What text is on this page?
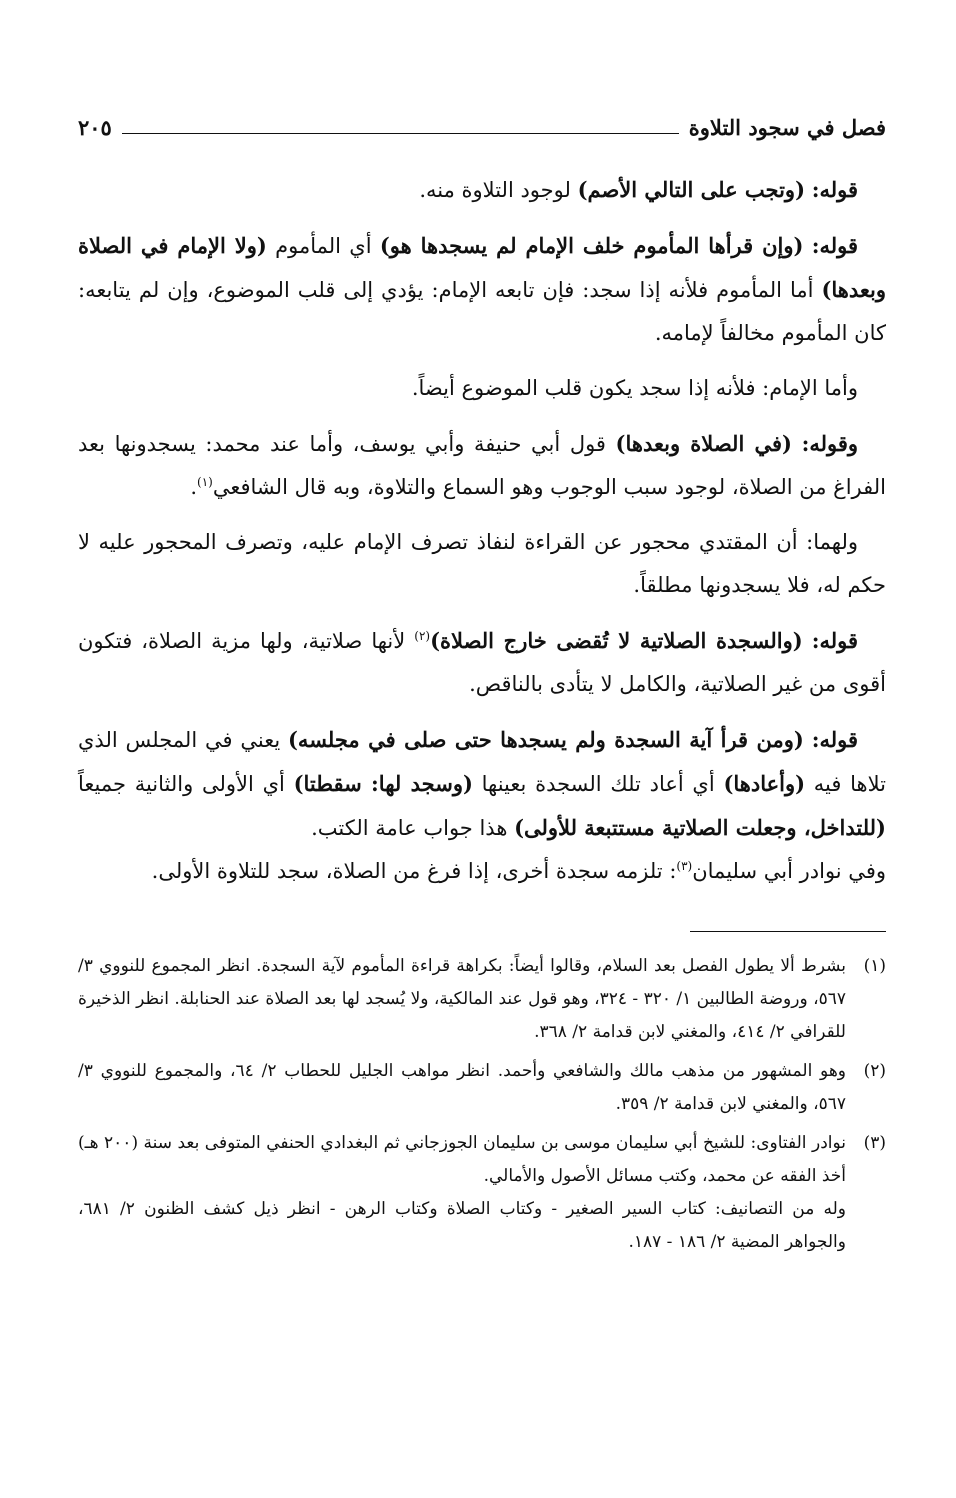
فصل في سجود التلاوة
٢٠٥

قوله: (وتجب على التالي الأصم) لوجود التلاوة منه.

قوله: (وإن قرأها المأموم خلف الإمام لم يسجدها هو) أي المأموم (ولا الإمام في الصلاة وبعدها) أما المأموم فلأنه إذا سجد: فإن تابعه الإمام: يؤدي إلى قلب الموضوع، وإن لم يتابعه: كان المأموم مخالفاً لإمامه.

وأما الإمام: فلأنه إذا سجد يكون قلب الموضوع أيضاً.

وقوله: (في الصلاة وبعدها) قول أبي حنيفة وأبي يوسف، وأما عند محمد: يسجدونها بعد الفراغ من الصلاة، لوجود سبب الوجوب وهو السماع والتلاوة، وبه قال الشافعي$^{(١)}$.

ولهما: أن المقتدي محجور عن القراءة لنفاذ تصرف الإمام عليه، وتصرف المحجور عليه لا حكم له، فلا يسجدونها مطلقاً.

قوله: (والسجدة الصلاتية لا تُقضى خارج الصلاة)$^{(٢)}$ لأنها صلاتية، ولها مزية الصلاة، فتكون أقوى من غير الصلاتية، والكامل لا يتأدى بالناقص.

قوله: (ومن قرأ آية السجدة ولم يسجدها حتى صلى في مجلسه) يعني في المجلس الذي تلاها فيه (وأعادها) أي أعاد تلك السجدة بعينها (وسجد لها: سقطتا) أي الأولى والثانية جميعاً (للتداخل، وجعلت الصلاتية مستتبعة للأولى) هذا جواب عامة الكتب.

وفي نوادر أبي سليمان$^{(٣)}$: تلزمه سجدة أخرى، إذا فرغ من الصلاة، سجد للتلاوة الأولى.

(١)

بشرط ألا يطول الفصل بعد السلام، وقالوا أيضاً: بكراهة قراءة المأموم لآية السجدة. انظر المجموع للنووي ٣/ ٥٦٧، وروضة الطالبين ١/ ٣٢٠ - ٣٢٤، وهو قول عند المالكية، ولا يُسجد لها بعد الصلاة عند الحنابلة. انظر الذخيرة للقرافي ٢/ ٤١٤، والمغني لابن قدامة ٢/ ٣٦٨.

(٢)

وهو المشهور من مذهب مالك والشافعي وأحمد. انظر مواهب الجليل للحطاب ٢/ ٦٤، والمجموع للنووي ٣/ ٥٦٧، والمغني لابن قدامة ٢/ ٣٥٩.

(٣)

نوادر الفتاوى: للشيخ أبي سليمان موسى بن سليمان الجوزجاني ثم البغدادي الحنفي المتوفى بعد سنة (٢٠٠ هـ) أخذ الفقه عن محمد، وكتب مسائل الأصول والأمالي.

وله من التصانيف: كتاب السير الصغير - وكتاب الصلاة وكتاب الرهن - انظر ذيل كشف الظنون ٢/ ٦٨١، والجواهر المضية ٢/ ١٨٦ - ١٨٧.
